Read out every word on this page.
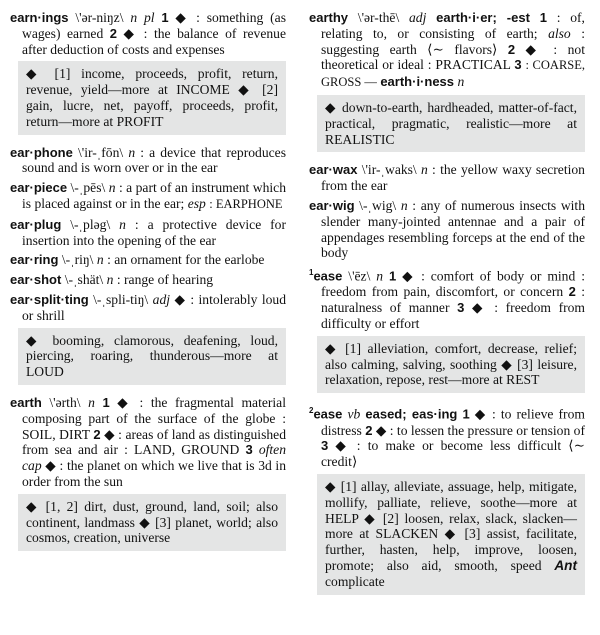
earn·ings \'ər-niŋz\ n pl 1 ◆ : something (as wages) earned 2 ◆ : the balance of revenue after deduction of costs and expenses

◆ [1] income, proceeds, profit, return, revenue, yield—more at INCOME ◆ [2] gain, lucre, net, payoff, proceeds, profit, return—more at PROFIT

ear·phone \'ir-ˌfōn\ n : a device that reproduces sound and is worn over or in the ear

ear·piece \-ˌpēs\ n : a part of an instrument which is placed against or in the ear; esp : EARPHONE

ear·plug \-ˌpləg\ n : a protective device for insertion into the opening of the ear

ear·ring \-ˌriŋ\ n : an ornament for the earlobe

ear·shot \-ˌshät\ n : range of hearing

ear·split·ting \-ˌspli-tiŋ\ adj ◆ : intolerably loud or shrill

◆ booming, clamorous, deafening, loud, piercing, roaring, thunderous—more at LOUD

earth \'ərth\ n 1 ◆ : the fragmental material composing part of the surface of the globe : SOIL, DIRT 2 ◆ : areas of land as distinguished from sea and air : LAND, GROUND 3 often cap ◆ : the planet on which we live that is 3d in order from the sun

◆ [1, 2] dirt, dust, ground, land, soil; also continent, landmass ◆ [3] planet, world; also cosmos, creation, universe

earthy \'ər-thē\ adj earth·i·er; -est 1 : of, relating to, or consisting of earth; also : suggesting earth ⟨∼ flavors⟩ 2 ◆ : not theoretical or ideal : PRACTICAL 3 : COARSE, GROSS — earth·i·ness n

◆ down-to-earth, hardheaded, matter-of-fact, practical, pragmatic, realistic—more at REALISTIC

ear·wax \'ir-ˌwaks\ n : the yellow waxy secretion from the ear

ear·wig \-ˌwig\ n : any of numerous insects with slender many-jointed antennae and a pair of appendages resembling forceps at the end of the body

$^1$ease \'ēz\ n 1 ◆ : comfort of body or mind : freedom from pain, discomfort, or concern 2 : naturalness of manner 3 ◆ : freedom from difficulty or effort

◆ [1] alleviation, comfort, decrease, relief; also calming, salving, soothing ◆ [3] leisure, relaxation, repose, rest—more at REST

$^2$ease vb eased; eas·ing 1 ◆ : to relieve from distress 2 ◆ : to lessen the pressure or tension of 3 ◆ : to make or become less difficult ⟨∼ credit⟩

◆ [1] allay, alleviate, assuage, help, mitigate, mollify, palliate, relieve, soothe—more at HELP ◆ [2] loosen, relax, slack, slacken—more at SLACKEN ◆ [3] assist, facilitate, further, hasten, help, improve, loosen, promote; also aid, smooth, speed Ant complicate
